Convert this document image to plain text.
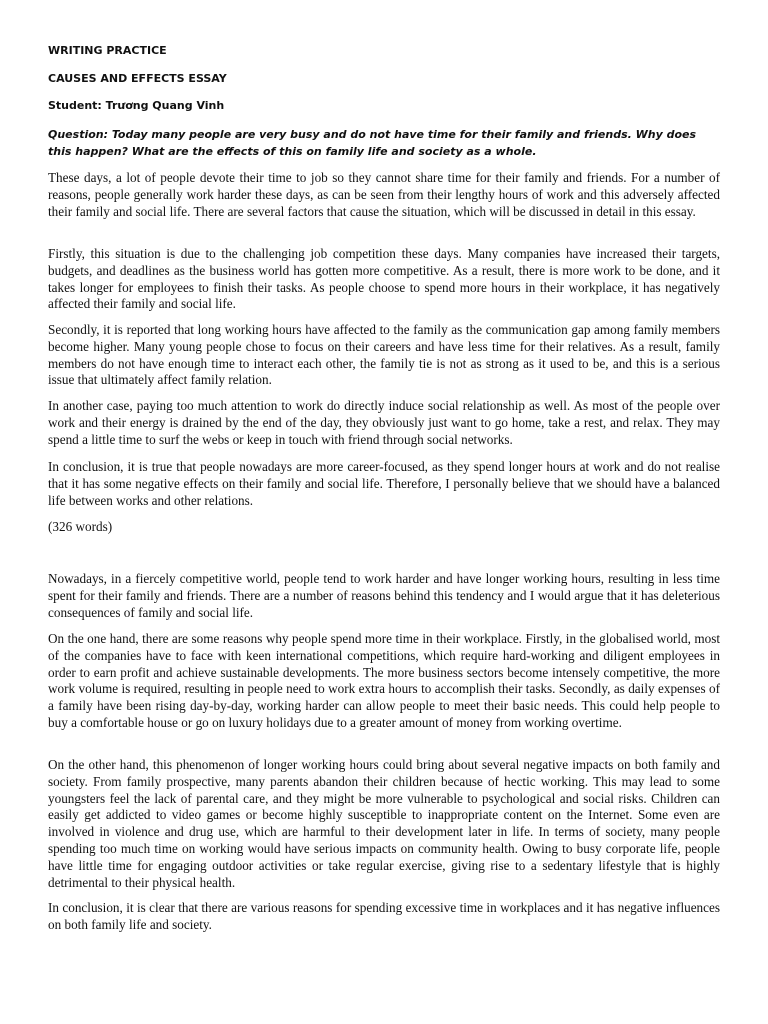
WRITING PRACTICE

CAUSES AND EFFECTS ESSAY

Student: Trương Quang Vinh

Question: Today many people are very busy and do not have time for their family and friends. Why does this happen? What are the effects of this on family life and society as a whole.

These days, a lot of people devote their time to job so they cannot share time for their family and friends. For a number of reasons, people generally work harder these days, as can be seen from their lengthy hours of work and this adversely affected their family and social life. There are several factors that cause the situation, which will be discussed in detail in this essay.

Firstly, this situation is due to the challenging job competition these days. Many companies have increased their targets, budgets, and deadlines as the business world has gotten more competitive. As a result, there is more work to be done, and it takes longer for employees to finish their tasks. As people choose to spend more hours in their workplace, it has negatively affected their family and social life.

Secondly, it is reported that long working hours have affected to the family as the communication gap among family members become higher. Many young people chose to focus on their careers and have less time for their relatives. As a result, family members do not have enough time to interact each other, the family tie is not as strong as it used to be, and this is a serious issue that ultimately affect family relation.

In another case, paying too much attention to work do directly induce social relationship as well. As most of the people over work and their energy is drained by the end of the day, they obviously just want to go home, take a rest, and relax. They may spend a little time to surf the webs or keep in touch with friend through social networks.

In conclusion, it is true that people nowadays are more career-focused, as they spend longer hours at work and do not realise that it has some negative effects on their family and social life. Therefore, I personally believe that we should have a balanced life between works and other relations.

(326 words)

Nowadays, in a fiercely competitive world, people tend to work harder and have longer working hours, resulting in less time spent for their family and friends. There are a number of reasons behind this tendency and I would argue that it has deleterious consequences of family and social life.

On the one hand, there are some reasons why people spend more time in their workplace. Firstly, in the globalised world, most of the companies have to face with keen international competitions, which require hard-working and diligent employees in order to earn profit and achieve sustainable developments. The more business sectors become intensely competitive, the more work volume is required, resulting in people need to work extra hours to accomplish their tasks. Secondly, as daily expenses of a family have been rising day-by-day, working harder can allow people to meet their basic needs. This could help people to buy a comfortable house or go on luxury holidays due to a greater amount of money from working overtime.

On the other hand, this phenomenon of longer working hours could bring about several negative impacts on both family and society. From family prospective, many parents abandon their children because of hectic working. This may lead to some youngsters feel the lack of parental care, and they might be more vulnerable to psychological and social risks. Children can easily get addicted to video games or become highly susceptible to inappropriate content on the Internet. Some even are involved in violence and drug use, which are harmful to their development later in life. In terms of society, many people spending too much time on working would have serious impacts on community health. Owing to busy corporate life, people have little time for engaging outdoor activities or take regular exercise, giving rise to a sedentary lifestyle that is highly detrimental to their physical health.

In conclusion, it is clear that there are various reasons for spending excessive time in workplaces and it has negative influences on both family life and society.
